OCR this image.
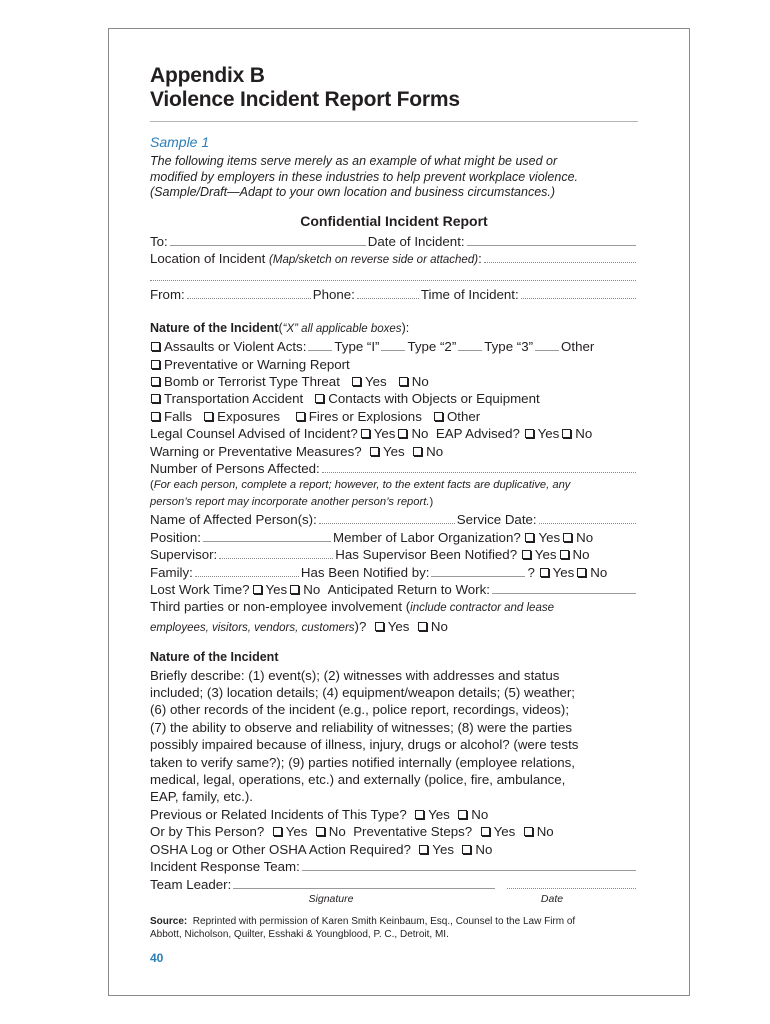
Appendix B
Violence Incident Report Forms
Sample 1
The following items serve merely as an example of what might be used or
modified by employers in these industries to help prevent workplace violence.
(Sample/Draft—Adapt to your own location and business circumstances.)
Confidential Incident Report
To:	Date of Incident:
Location of Incident
(Map/sketch on reverse side or attached) :
From:	Phone:	Time of Incident:
Nature of the Incident ( “X” all applicable boxes ):
Assaults or Violent Acts: Type “I” Type “2” Type “3” Other
Preventative or Warning Report
Bomb or Terrorist Type Threat
Yes
No
Transportation Accident
Contacts with Objects or Equipment
Falls
Exposures
Fires or Explosions
Other
Legal Counsel Advised of Incident? Yes No
EAP Advised?
Yes No
Warning or Preventative Measures?
Yes
No
Number of Persons Affected:
(For each person, complete a report; however, to the extent facts are duplicative, any
person’s report may incorporate another person’s report.)
Name of Affected Person(s):	Service Date:
Position:	Member of Labor Organization?
Yes No
Supervisor:	Has Supervisor Been Notified?
Yes No
Family:	Has Been Notified by:	?
Yes No
Lost Work Time? Yes No
Anticipated Return to Work:
Third parties or non-employee involvement ( include contractor and lease
employees, visitors, vendors, customers )?
Yes
No
Nature of the Incident
Briefly describe: (1) event(s); (2) witnesses with addresses and status
included; (3) location details; (4) equipment/weapon details; (5) weather;
(6) other records of the incident (e.g., police report, recordings, videos);
(7) the ability to observe and reliability of witnesses; (8) were the parties
possibly impaired because of illness, injury, drugs or alcohol? (were tests
taken to verify same?); (9) parties notified internally (employee relations,
medical, legal, operations, etc.) and externally (police, fire, ambulance,
EAP, family, etc.).
Previous or Related Incidents of This Type?
Yes
No
Or by This Person?
Yes
No
Preventative Steps?
Yes
No
OSHA Log or Other OSHA Action Required?
Yes
No
Incident Response Team:
Team Leader:
Signature	Date
Source: Reprinted with permission of Karen Smith Keinbaum, Esq., Counsel to the Law Firm of
Abbott, Nicholson, Quilter, Esshaki & Youngblood, P. C., Detroit, MI.
40
